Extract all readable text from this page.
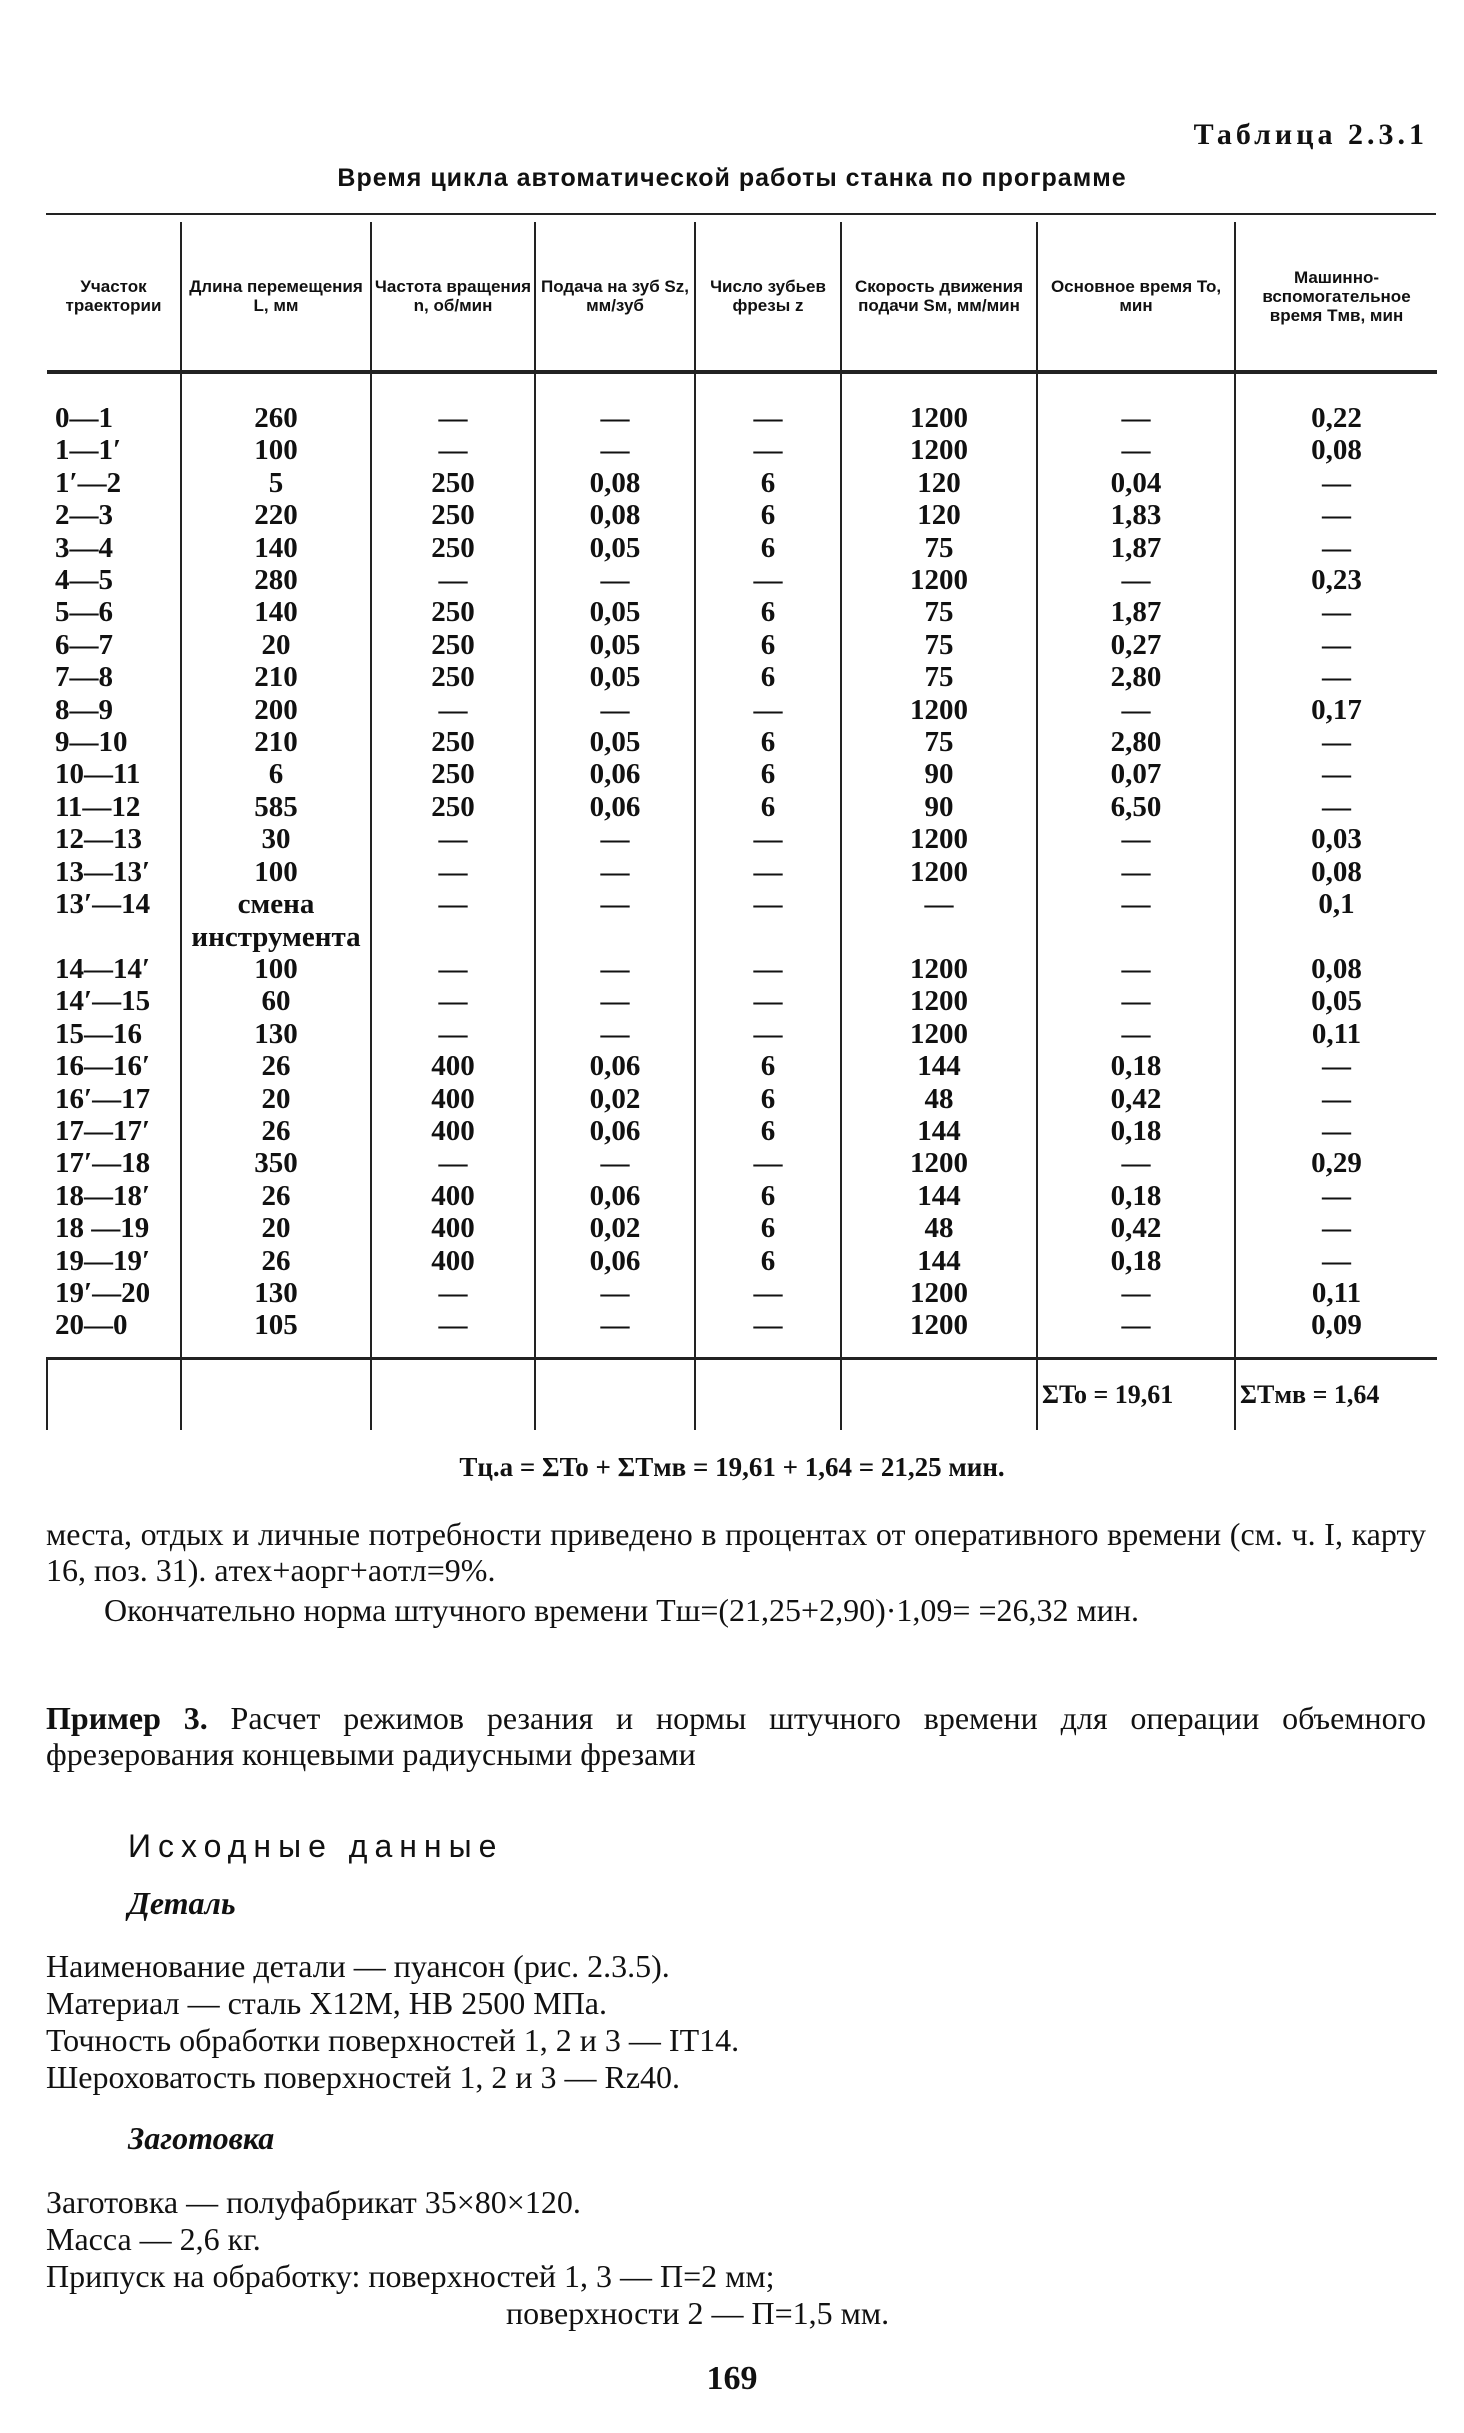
Таблица 2.3.1
Время цикла автоматической работы станка по программе
Участок траектории	Длина перемещения L, мм	Частота вращения n, об/мин	Подача на зуб Sz, мм/зуб	Число зубьев фрезы z	Скорость движения подачи Sм, мм/мин	Основное время To, мин	Машинно-вспомогательное время Tмв, мин

0—1	260	—	—	—	1200	—	0,22
1—1′	100	—	—	—	1200	—	0,08
1′—2	5	250	0,08	6	120	0,04	—
2—3	220	250	0,08	6	120	1,83	—
3—4	140	250	0,05	6	75	1,87	—
4—5	280	—	—	—	1200	—	0,23
5—6	140	250	0,05	6	75	1,87	—
6—7	20	250	0,05	6	75	0,27	—
7—8	210	250	0,05	6	75	2,80	—
8—9	200	—	—	—	1200	—	0,17
9—10	210	250	0,05	6	75	2,80	—
10—11	6	250	0,06	6	90	0,07	—
11—12	585	250	0,06	6	90	6,50	—
12—13	30	—	—	—	1200	—	0,03
13—13′	100	—	—	—	1200	—	0,08
13′—14	смена	—	—	—	—	—	0,1
	инструмента						
14—14′	100	—	—	—	1200	—	0,08
14′—15	60	—	—	—	1200	—	0,05
15—16	130	—	—	—	1200	—	0,11
16—16′	26	400	0,06	6	144	0,18	—
16′—17	20	400	0,02	6	48	0,42	—
17—17′	26	400	0,06	6	144	0,18	—
17′—18	350	—	—	—	1200	—	0,29
18—18′	26	400	0,06	6	144	0,18	—
18 —19	20	400	0,02	6	48	0,42	—
19—19′	26	400	0,06	6	144	0,18	—
19′—20	130	—	—	—	1200	—	0,11
20—0	105	—	—	—	1200	—	0,09
						ΣTo = 19,61	ΣTмв = 1,64
Tц.а = ΣTo + ΣTмв = 19,61 + 1,64 = 21,25 мин.
места, отдых и личные потребности приведено в процентах от оперативного времени (см. ч. I, карту 16, поз. 31). aтех+aорг+aотл=9%.
Окончательно норма штучного времени Tш=(21,25+2,90)·1,09= =26,32 мин.
Пример 3. Расчет режимов резания и нормы штучного времени для операции объемного фрезерования концевыми радиусными фрезами
Исходные данные
Деталь
Наименование детали — пуансон (рис. 2.3.5).
Материал — сталь Х12М, НВ 2500 МПа.
Точность обработки поверхностей 1, 2 и 3 — IT14.
Шероховатость поверхностей 1, 2 и 3 — Rz40.
Заготовка
Заготовка — полуфабрикат 35×80×120.
Масса — 2,6 кг.
Припуск на обработку: поверхностей 1, 3 — П=2 мм;
поверхности 2 — П=1,5 мм.
169
